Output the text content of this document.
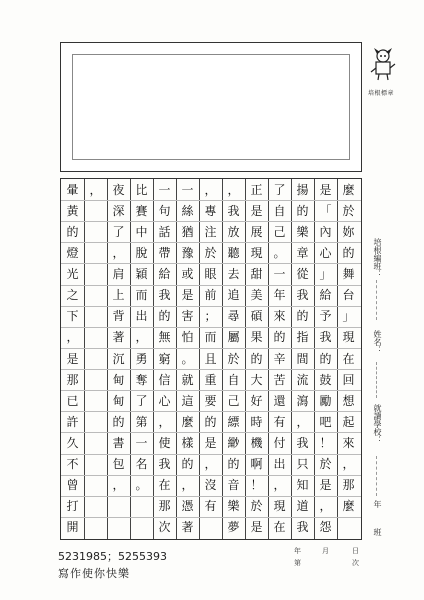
培根標章
麼
於
妳
的
舞
台
」
現
在
回
想
起
來
，
那
麼
是
「
內
心
」
給
予
我
的
鼓
勵
吧
！
於
是
，
怨
揚
的
樂
章
從
我
的
指
間
流
瀉
，
我
只
知
道
我
了
自
己
。
一
年
來
的
辛
苦
還
有
付
出
，
現
在
正
是
展
現
甜
美
碩
果
的
大
好
時
機
啊
！
於
是
，
我
放
聽
去
追
尋
屬
於
自
己
縹
緲
的
音
樂
夢
，
專
注
於
眼
前
；
而
且
重
要
的
是
，
沒
有
一
絲
猶
豫
或
是
害
怕
。
就
這
麼
樣
的
，
憑
著
一
句
話
帶
給
我
的
無
窮
信
心
，
使
我
在
那
次
比
賽
中
脫
穎
而
出
，
勇
奪
了
第
一
名
。
夜
深
了
，
肩
上
背
著
沉
甸
甸
的
書
包
，
，
暈
黃
的
燈
光
之
下
，
是
那
已
許
久
不
曾
打
開
培根編班：
姓名：
就讀學校：
年
班
5231985；5255393
寫作使你快樂
年	月	日
第	次
